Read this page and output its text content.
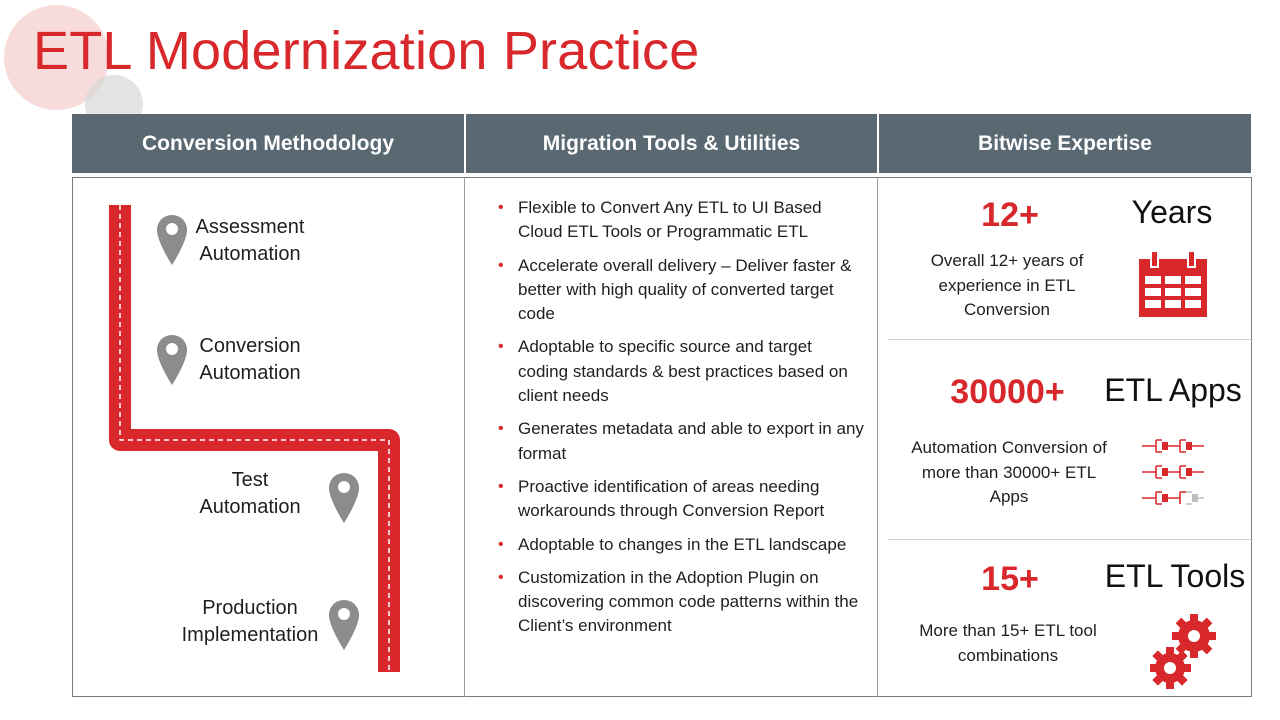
ETL Modernization Practice
Conversion Methodology	Migration Tools & Utilities	Bitwise Expertise
Assessment
Automation
Conversion
Automation
Test
Automation
Production
Implementation
• Flexible to Convert Any ETL to UI Based Cloud ETL Tools or Programmatic ETL
• Accelerate overall delivery – Deliver faster & better with high quality of converted target code
• Adoptable to specific source and target coding standards & best practices based on client needs
• Generates metadata and able to export in any format
• Proactive identification of areas needing workarounds through Conversion Report
• Adoptable to changes in the ETL landscape
• Customization in the Adoption Plugin on discovering common code patterns within the Client’s environment
12+	Years
Overall 12+ years of experience in ETL Conversion
30000+	ETL Apps
Automation Conversion of more than 30000+ ETL Apps
15+	ETL Tools
More than 15+ ETL tool combinations
